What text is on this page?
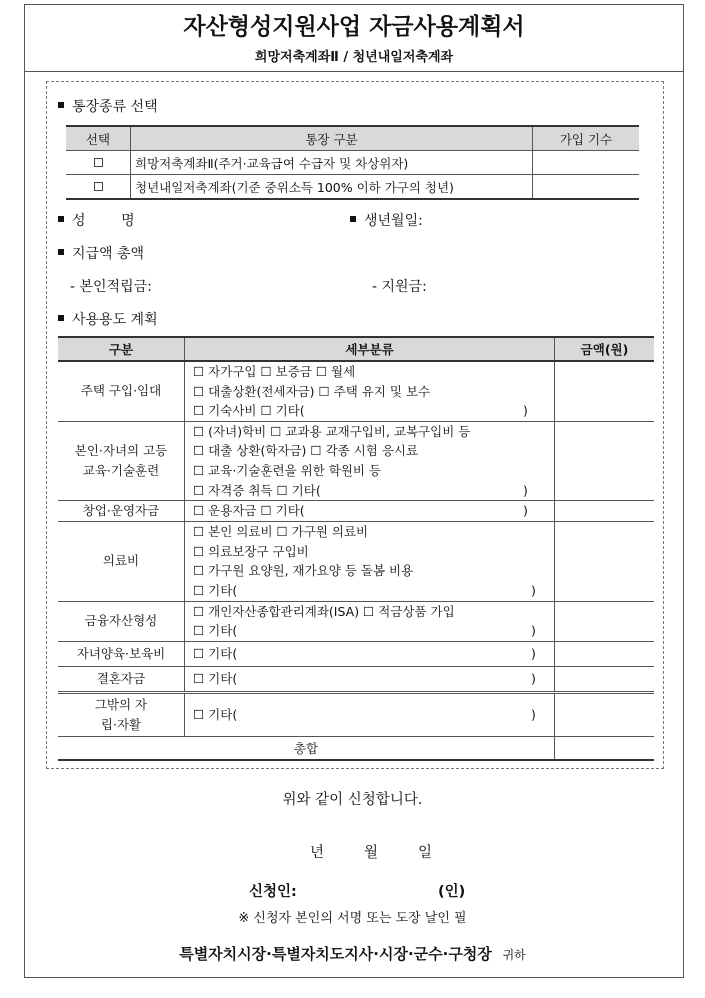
자산형성지원사업 자금사용계획서
희망저축계좌Ⅱ / 청년내일저축계좌
통장종류 선택
선택	통장 구분	가입 기수
	희망저축계좌Ⅱ(주거·교육급여 수급자 및 차상위자)	
	청년내일저축계좌(기준 중위소득 100% 이하 가구의 청년)	
성        명	생년월일:
지급액 총액
- 본인적립금:	- 지원금:
사용용도 계획
구분	세부분류	금액(원)
주택 구입·임대	☐ 자가구입 ☐ 보증금 ☐ 월세
☐ 대출상환(전세자금) ☐ 주택 유지 및 보수
☐ 기숙사비 ☐ 기타( )	

본인·자녀의 고등교육·기술훈련	☐ (자녀)학비 ☐ 교과용 교재구입비, 교복구입비 등
☐ 대출 상환(학자금) ☐ 각종 시험 응시료
☐ 교육·기술훈련을 위한 학원비 등
☐ 자격증 취득 ☐ 기타( )	

창업·운영자금	☐ 운용자금 ☐ 기타( )	

의료비	☐ 본인 의료비 ☐ 가구원 의료비
☐ 의료보장구 구입비
☐ 가구원 요양원, 재가요양 등 돌봄 비용
☐ 기타( )	

금융자산형성	☐ 개인자산종합관리계좌(ISA) ☐ 적금상품 가입
☐ 기타( )	

자녀양육·보육비	☐ 기타( )	

결혼자금	☐ 기타( )	

그밖의 자립·자활	☐ 기타( )	

총합		
위와 같이 신청합니다.
년	월	일
신청인:	(인)
※ 신청자 본인의 서명 또는 도장 날인 필
특별자치시장·특별자치도지사·시장·군수·구청장 귀하
